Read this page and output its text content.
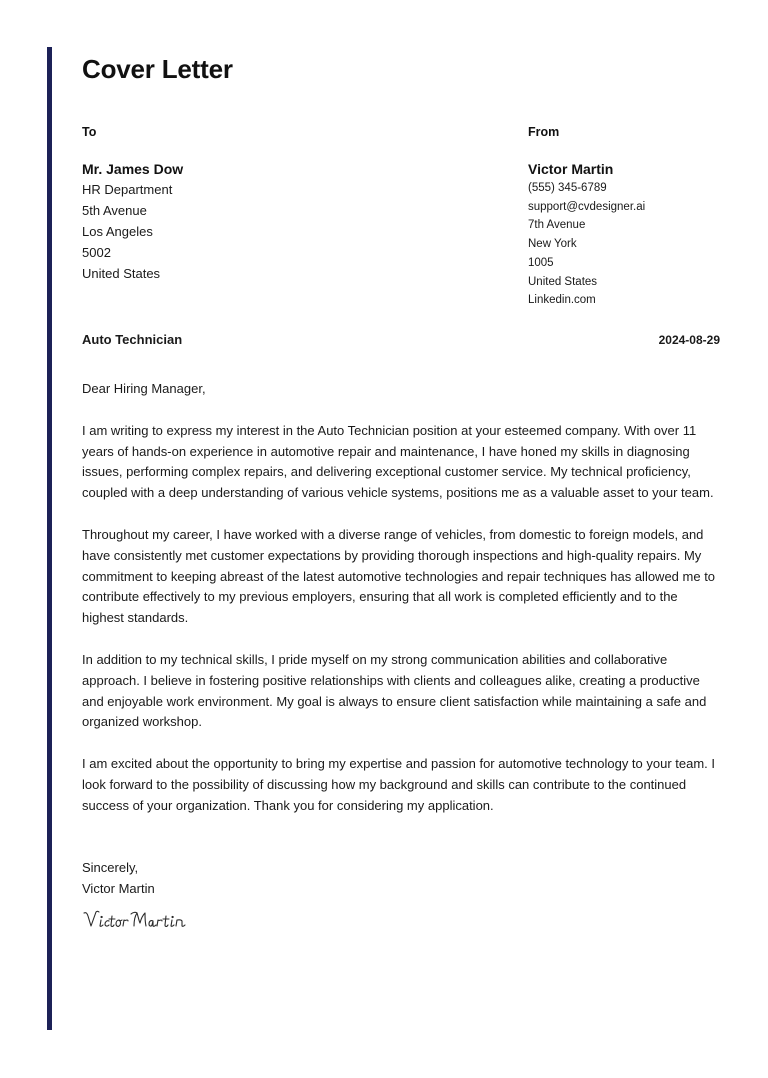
Cover Letter
To
Mr. James Dow
HR Department
5th Avenue
Los Angeles
5002
United States
From
Victor Martin
(555) 345-6789
support@cvdesigner.ai
7th Avenue
New York
1005
United States
Linkedin.com
Auto Technician	2024-08-29

Dear Hiring Manager,

I am writing to express my interest in the Auto Technician position at your esteemed company. With over 11 years of hands-on experience in automotive repair and maintenance, I have honed my skills in diagnosing issues, performing complex repairs, and delivering exceptional customer service. My technical proficiency, coupled with a deep understanding of various vehicle systems, positions me as a valuable asset to your team.

Throughout my career, I have worked with a diverse range of vehicles, from domestic to foreign models, and have consistently met customer expectations by providing thorough inspections and high-quality repairs. My commitment to keeping abreast of the latest automotive technologies and repair techniques has allowed me to contribute effectively to my previous employers, ensuring that all work is completed efficiently and to the highest standards.

In addition to my technical skills, I pride myself on my strong communication abilities and collaborative approach. I believe in fostering positive relationships with clients and colleagues alike, creating a productive and enjoyable work environment. My goal is always to ensure client satisfaction while maintaining a safe and organized workshop.

I am excited about the opportunity to bring my expertise and passion for automotive technology to your team. I look forward to the possibility of discussing how my background and skills can contribute to the continued success of your organization. Thank you for considering my application.

Sincerely,
Victor Martin
